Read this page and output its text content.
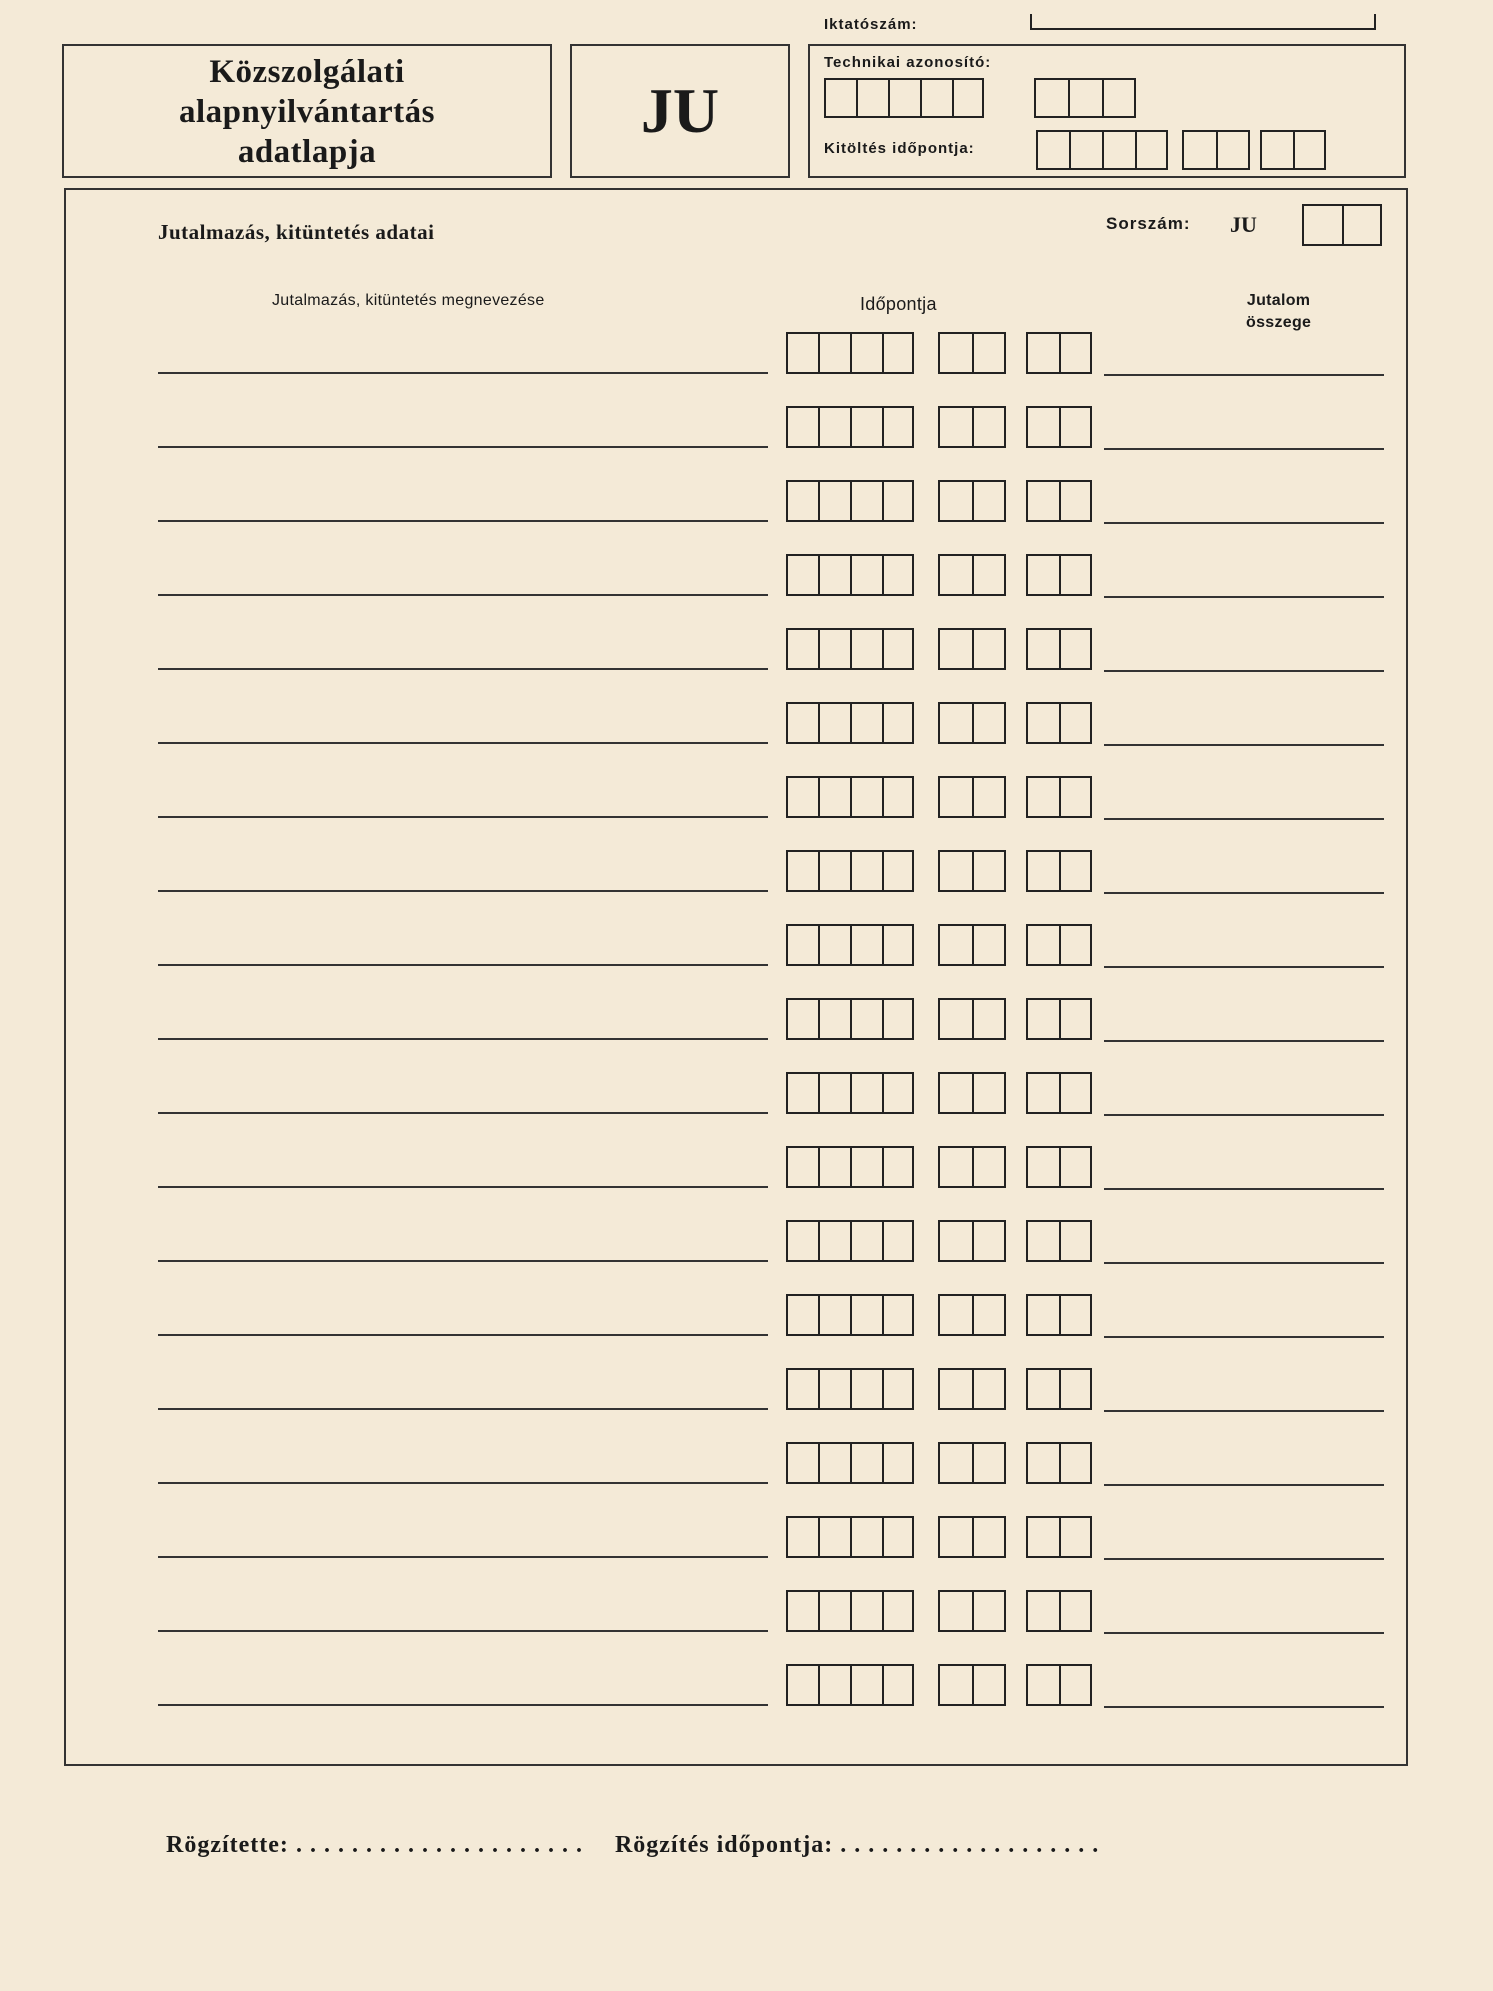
Közszolgálati
alapnyilvántartás
adatlapja
JU
Iktatószám:
Technikai azonosító:
Kitöltés időpontja:
Jutalmazás, kitüntetés adatai	Sorszám: JU
Jutalmazás, kitüntetés megnevezése	Időpontja	Jutalom
összege
Rögzítette: . . . . . . . . . . . . . . . . . . . . . Rögzítés időpontja: . . . . . . . . . . . . . . . . . . .
